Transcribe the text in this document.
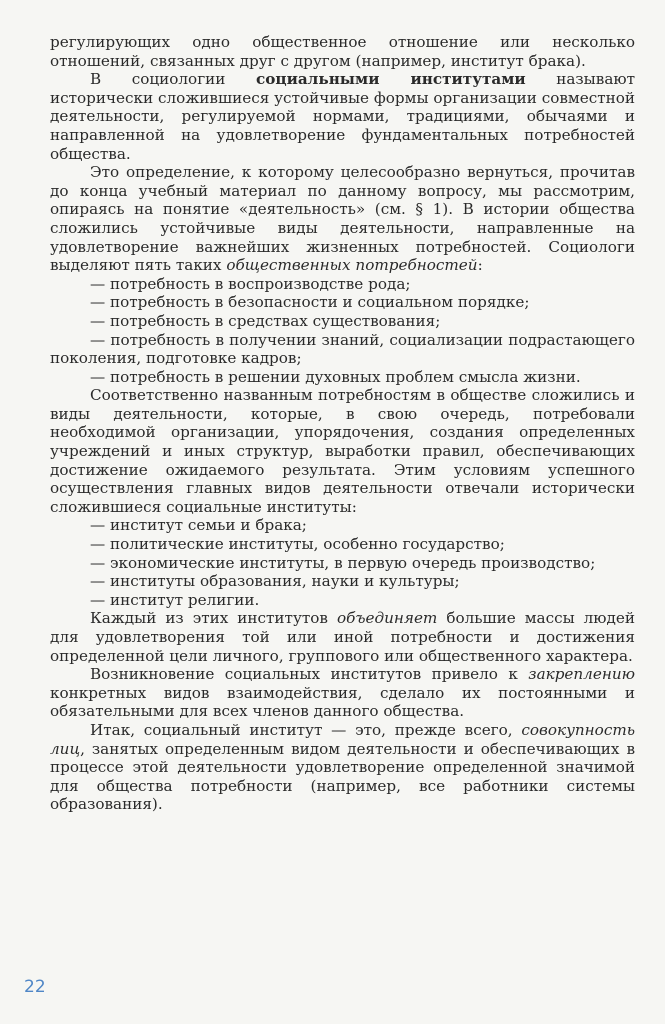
регулирующих одно общественное отношение или несколько отношений, связанных друг с другом (например, институт брака).

В социологии социальными институтами называют исторически сложившиеся устойчивые формы организации совместной деятельности, регулируемой нормами, традициями, обычаями и направленной на удовлетворение фундаментальных потребностей общества.

Это определение, к которому целесообразно вернуться, прочитав до конца учебный материал по данному вопросу, мы рассмотрим, опираясь на понятие «деятельность» (см. § 1). В истории общества сложились устойчивые виды деятельности, направленные на удовлетворение важнейших жизненных потребностей. Социологи выделяют пять таких общественных потребностей:

— потребность в воспроизводстве рода;

— потребность в безопасности и социальном порядке;

— потребность в средствах существования;

— потребность в получении знаний, социализации подрастающего поколения, подготовке кадров;

— потребность в решении духовных проблем смысла жизни.

Соответственно названным потребностям в обществе сложились и виды деятельности, которые, в свою очередь, потребовали необходимой организации, упорядочения, создания определенных учреждений и иных структур, выработки правил, обеспечивающих достижение ожидаемого результата. Этим условиям успешного осуществления главных видов деятельности отвечали исторически сложившиеся социальные институты:

— институт семьи и брака;

— политические институты, особенно государство;

— экономические институты, в первую очередь производство;

— институты образования, науки и культуры;

— институт религии.

Каждый из этих институтов объединяет большие массы людей для удовлетворения той или иной потребности и достижения определенной цели личного, группового или общественного характера.

Возникновение социальных институтов привело к закреплению конкретных видов взаимодействия, сделало их постоянными и обязательными для всех членов данного общества.

Итак, социальный институт — это, прежде всего, совокупность лиц, занятых определенным видом деятельности и обеспечивающих в процессе этой деятельности удовлетворение определенной значимой для общества потребности (например, все работники системы образования).

22
